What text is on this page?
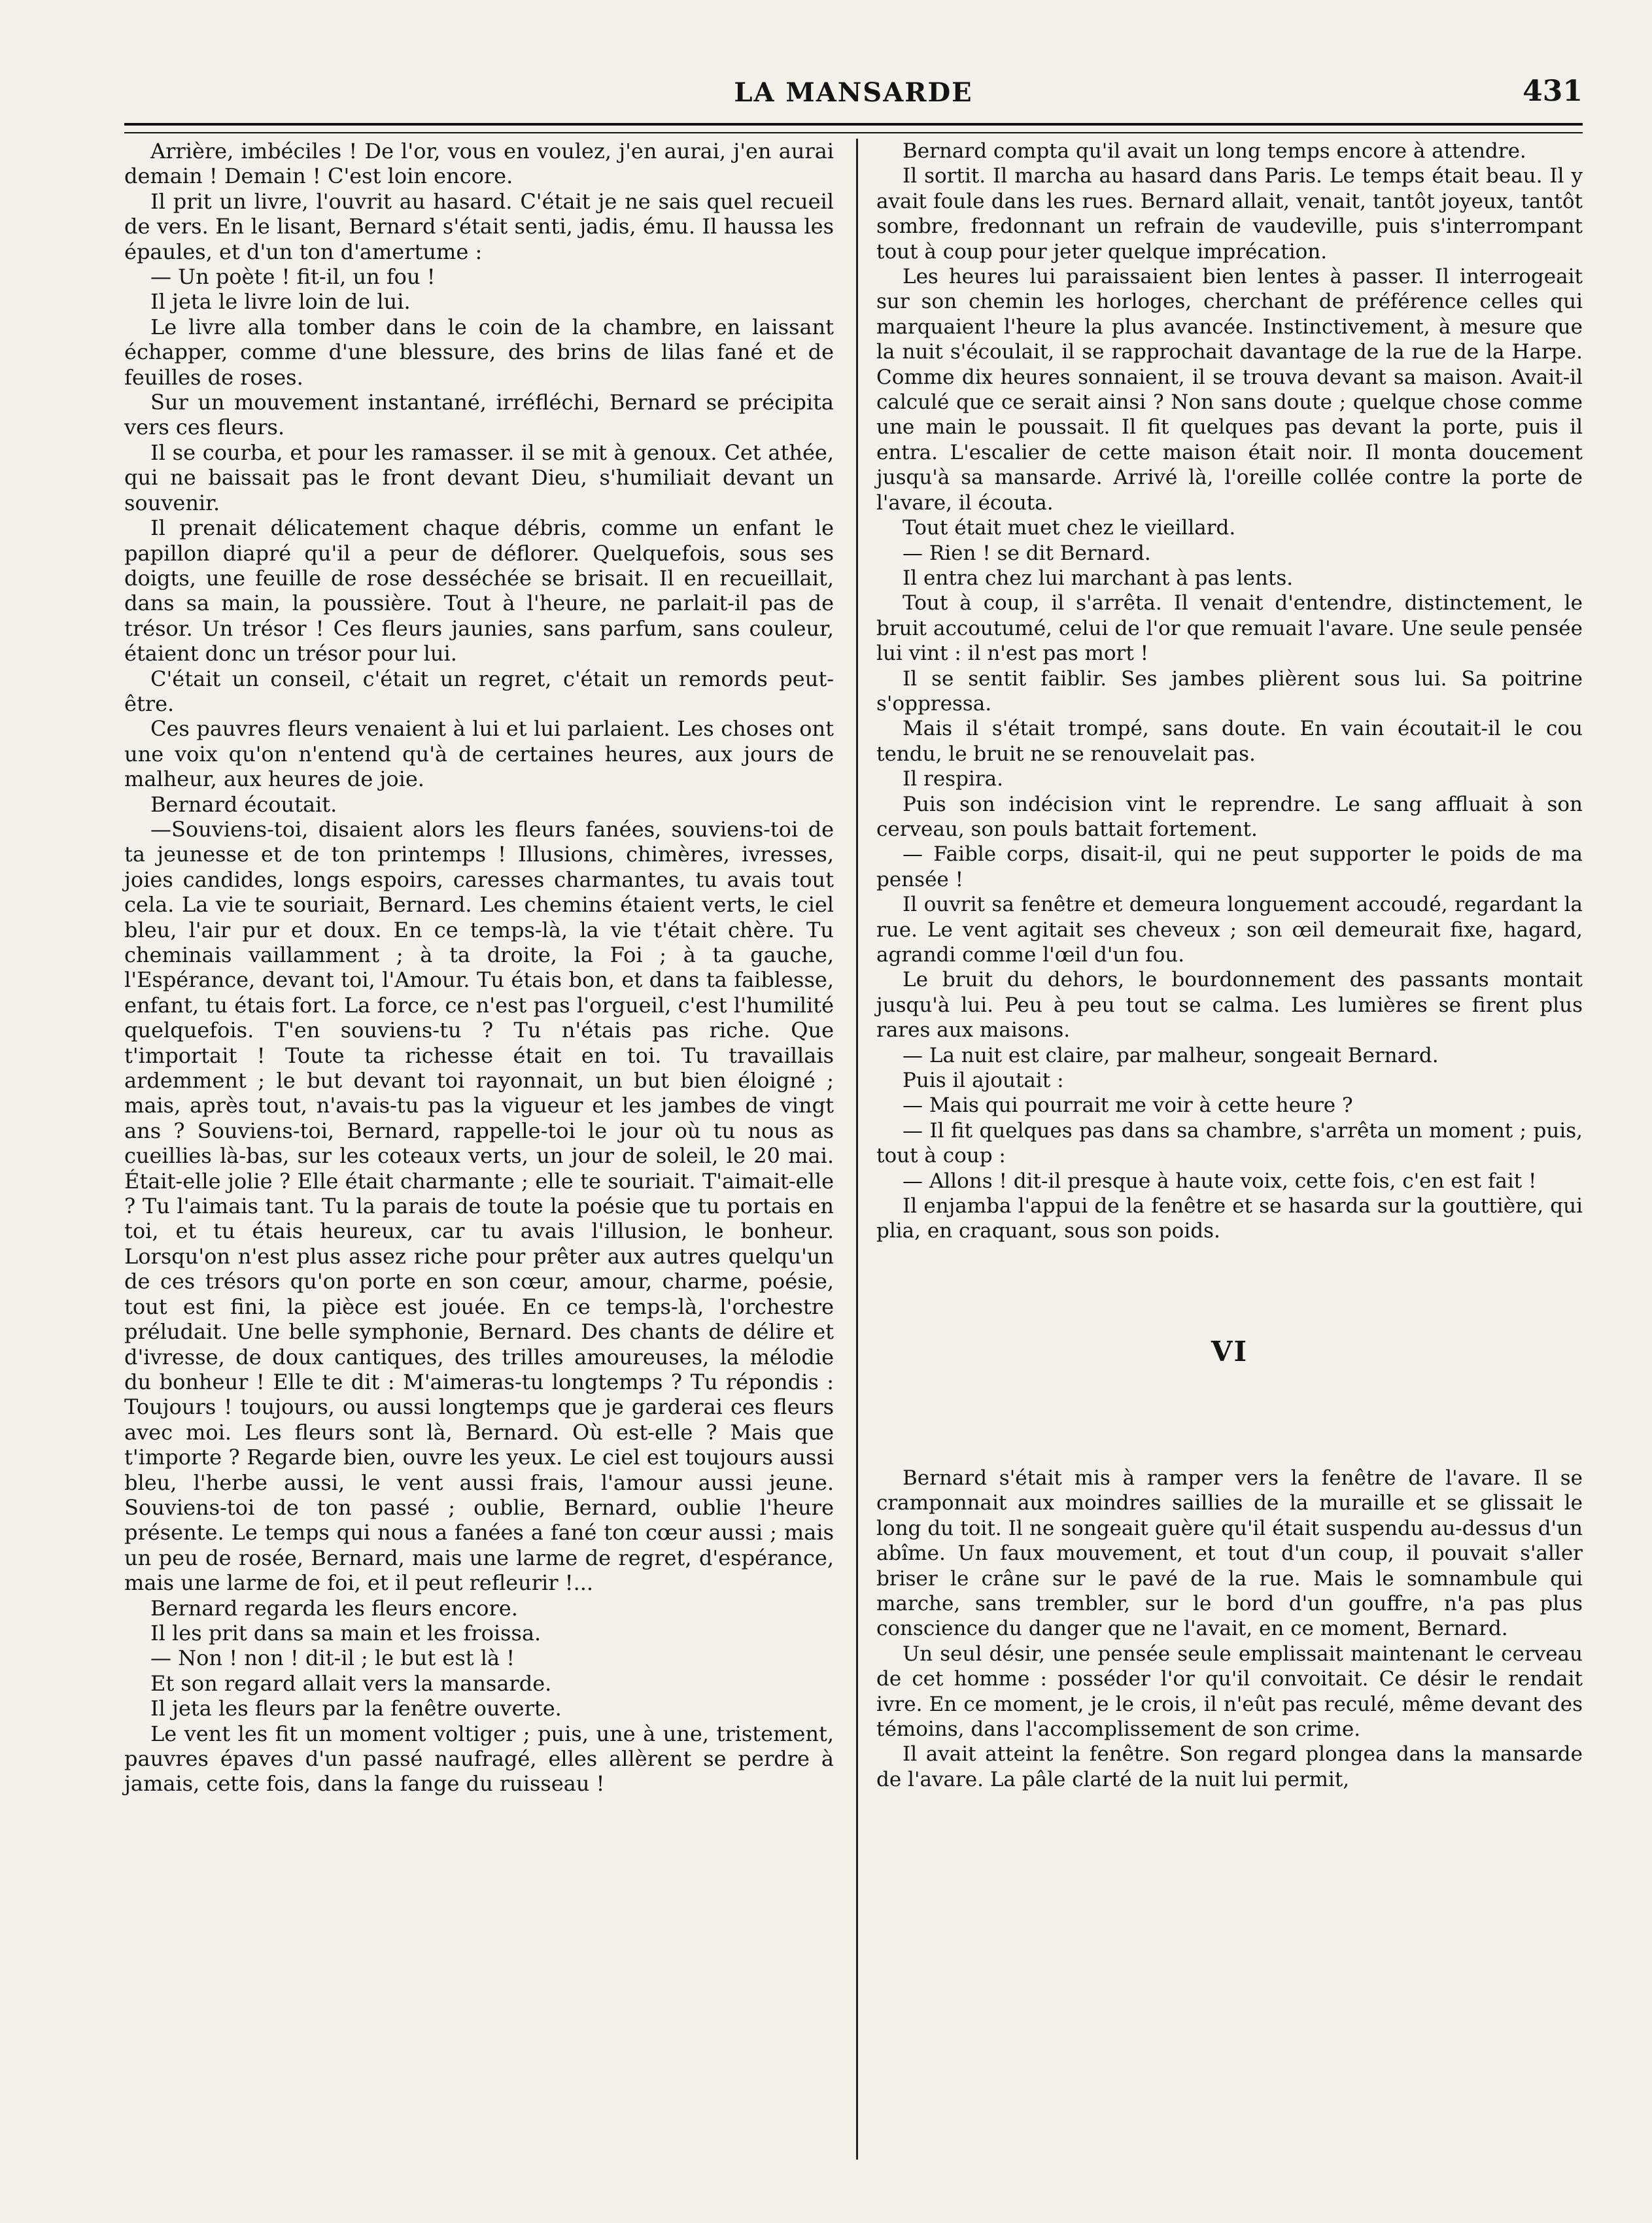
LA MANSARDE	431

Arrière, imbéciles ! De l'or, vous en voulez, j'en aurai, j'en aurai demain ! Demain ! C'est loin encore.

Il prit un livre, l'ouvrit au hasard. C'était je ne sais quel recueil de vers. En le lisant, Bernard s'était senti, jadis, ému. Il haussa les épaules, et d'un ton d'amertume :

— Un poète ! fit-il, un fou !

Il jeta le livre loin de lui.

Le livre alla tomber dans le coin de la chambre, en laissant échapper, comme d'une blessure, des brins de lilas fané et de feuilles de roses.

Sur un mouvement instantané, irréfléchi, Bernard se précipita vers ces fleurs.

Il se courba, et pour les ramasser. il se mit à genoux. Cet athée, qui ne baissait pas le front devant Dieu, s'humiliait devant un souvenir.

Il prenait délicatement chaque débris, comme un enfant le papillon diapré qu'il a peur de déflorer. Quelquefois, sous ses doigts, une feuille de rose desséchée se brisait. Il en recueillait, dans sa main, la poussière. Tout à l'heure, ne parlait-il pas de trésor. Un trésor ! Ces fleurs jaunies, sans parfum, sans couleur, étaient donc un trésor pour lui.

C'était un conseil, c'était un regret, c'était un remords peut-être.

Ces pauvres fleurs venaient à lui et lui parlaient. Les choses ont une voix qu'on n'entend qu'à de certaines heures, aux jours de malheur, aux heures de joie.

Bernard écoutait.

—Souviens-toi, disaient alors les fleurs fanées, souviens-toi de ta jeunesse et de ton printemps ! Illusions, chimères, ivresses, joies candides, longs espoirs, caresses charmantes, tu avais tout cela. La vie te souriait, Bernard. Les chemins étaient verts, le ciel bleu, l'air pur et doux. En ce temps-là, la vie t'était chère. Tu cheminais vaillamment ; à ta droite, la Foi ; à ta gauche, l'Espérance, devant toi, l'Amour. Tu étais bon, et dans ta faiblesse, enfant, tu étais fort. La force, ce n'est pas l'orgueil, c'est l'humilité quelquefois. T'en souviens-tu ? Tu n'étais pas riche. Que t'importait ! Toute ta richesse était en toi. Tu travaillais ardemment ; le but devant toi rayonnait, un but bien éloigné ; mais, après tout, n'avais-tu pas la vigueur et les jambes de vingt ans ? Souviens-toi, Bernard, rappelle-toi le jour où tu nous as cueillies là-bas, sur les coteaux verts, un jour de soleil, le 20 mai. Était-elle jolie ? Elle était charmante ; elle te souriait. T'aimait-elle ? Tu l'aimais tant. Tu la parais de toute la poésie que tu portais en toi, et tu étais heureux, car tu avais l'illusion, le bonheur. Lorsqu'on n'est plus assez riche pour prêter aux autres quelqu'un de ces trésors qu'on porte en son cœur, amour, charme, poésie, tout est fini, la pièce est jouée. En ce temps-là, l'orchestre préludait. Une belle symphonie, Bernard. Des chants de délire et d'ivresse, de doux cantiques, des trilles amoureuses, la mélodie du bonheur ! Elle te dit : M'aimeras-tu longtemps ? Tu répondis : Toujours ! toujours, ou aussi longtemps que je garderai ces fleurs avec moi. Les fleurs sont là, Bernard. Où est-elle ? Mais que t'importe ? Regarde bien, ouvre les yeux. Le ciel est toujours aussi bleu, l'herbe aussi, le vent aussi frais, l'amour aussi jeune. Souviens-toi de ton passé ; oublie, Bernard, oublie l'heure présente. Le temps qui nous a fanées a fané ton cœur aussi ; mais un peu de rosée, Bernard, mais une larme de regret, d'espérance, mais une larme de foi, et il peut refleurir !...

Bernard regarda les fleurs encore.

Il les prit dans sa main et les froissa.

— Non ! non ! dit-il ; le but est là !

Et son regard allait vers la mansarde.

Il jeta les fleurs par la fenêtre ouverte.

Le vent les fit un moment voltiger ; puis, une à une, tristement, pauvres épaves d'un passé naufragé, elles allèrent se perdre à jamais, cette fois, dans la fange du ruisseau !

Bernard compta qu'il avait un long temps encore à attendre.

Il sortit. Il marcha au hasard dans Paris. Le temps était beau. Il y avait foule dans les rues. Bernard allait, venait, tantôt joyeux, tantôt sombre, fredonnant un refrain de vaudeville, puis s'interrompant tout à coup pour jeter quelque imprécation.

Les heures lui paraissaient bien lentes à passer. Il interrogeait sur son chemin les horloges, cherchant de préférence celles qui marquaient l'heure la plus avancée. Instinctivement, à mesure que la nuit s'écoulait, il se rapprochait davantage de la rue de la Harpe. Comme dix heures sonnaient, il se trouva devant sa maison. Avait-il calculé que ce serait ainsi ? Non sans doute ; quelque chose comme une main le poussait. Il fit quelques pas devant la porte, puis il entra. L'escalier de cette maison était noir. Il monta doucement jusqu'à sa mansarde. Arrivé là, l'oreille collée contre la porte de l'avare, il écouta.

Tout était muet chez le vieillard.

— Rien ! se dit Bernard.

Il entra chez lui marchant à pas lents.

Tout à coup, il s'arrêta. Il venait d'entendre, distinctement, le bruit accoutumé, celui de l'or que remuait l'avare. Une seule pensée lui vint : il n'est pas mort !

Il se sentit faiblir. Ses jambes plièrent sous lui. Sa poitrine s'oppressa.

Mais il s'était trompé, sans doute. En vain écoutait-il le cou tendu, le bruit ne se renouvelait pas.

Il respira.

Puis son indécision vint le reprendre. Le sang affluait à son cerveau, son pouls battait fortement.

— Faible corps, disait-il, qui ne peut supporter le poids de ma pensée !

Il ouvrit sa fenêtre et demeura longuement accoudé, regardant la rue. Le vent agitait ses cheveux ; son œil demeurait fixe, hagard, agrandi comme l'œil d'un fou.

Le bruit du dehors, le bourdonnement des passants montait jusqu'à lui. Peu à peu tout se calma. Les lumières se firent plus rares aux maisons.

— La nuit est claire, par malheur, songeait Bernard.

Puis il ajoutait :

— Mais qui pourrait me voir à cette heure ?

— Il fit quelques pas dans sa chambre, s'arrêta un moment ; puis, tout à coup :

— Allons ! dit-il presque à haute voix, cette fois, c'en est fait !

Il enjamba l'appui de la fenêtre et se hasarda sur la gouttière, qui plia, en craquant, sous son poids.

VI

Bernard s'était mis à ramper vers la fenêtre de l'avare. Il se cramponnait aux moindres saillies de la muraille et se glissait le long du toit. Il ne songeait guère qu'il était suspendu au-dessus d'un abîme. Un faux mouvement, et tout d'un coup, il pouvait s'aller briser le crâne sur le pavé de la rue. Mais le somnambule qui marche, sans trembler, sur le bord d'un gouffre, n'a pas plus conscience du danger que ne l'avait, en ce moment, Bernard.

Un seul désir, une pensée seule emplissait maintenant le cerveau de cet homme : posséder l'or qu'il convoitait. Ce désir le rendait ivre. En ce moment, je le crois, il n'eût pas reculé, même devant des témoins, dans l'accomplissement de son crime.

Il avait atteint la fenêtre. Son regard plongea dans la mansarde de l'avare. La pâle clarté de la nuit lui permit,
